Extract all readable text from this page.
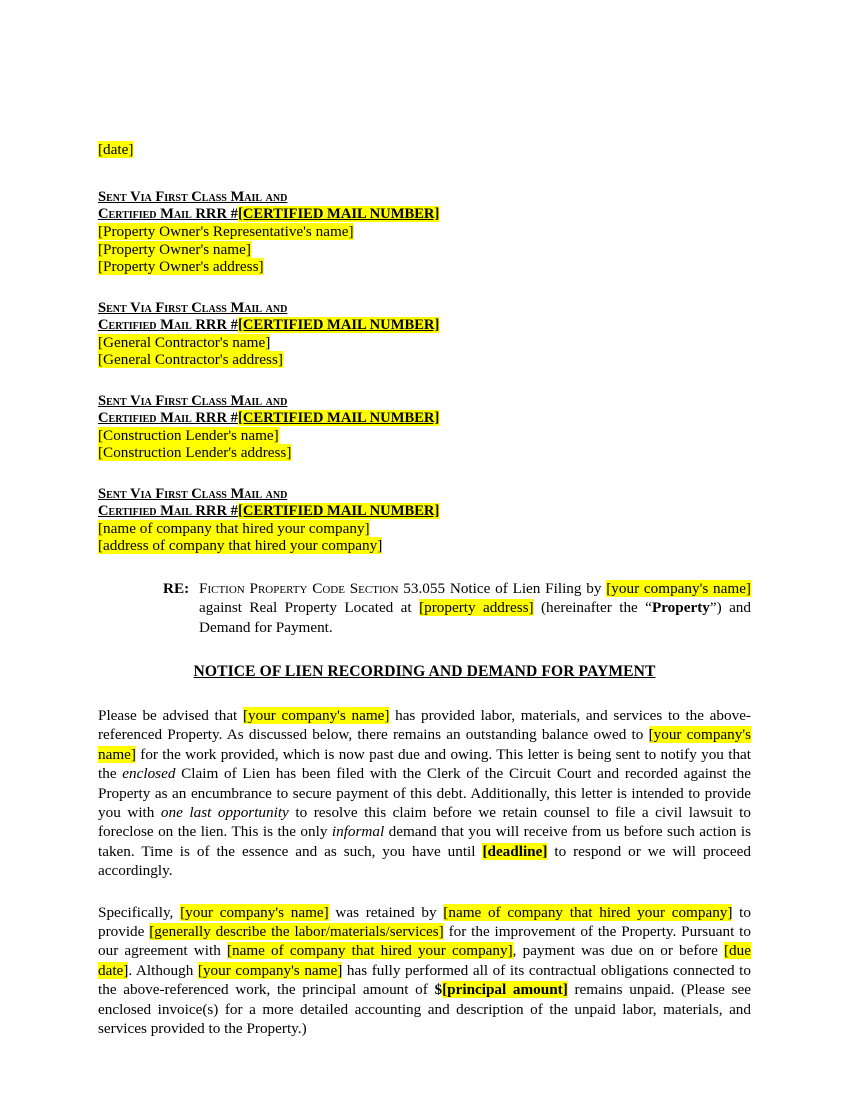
[date]
Sent Via First Class Mail and
Certified Mail RRR #[CERTIFIED MAIL NUMBER]
[Property Owner's Representative's name]
[Property Owner's name]
[Property Owner's address]
Sent Via First Class Mail and
Certified Mail RRR #[CERTIFIED MAIL NUMBER]
[General Contractor's name]
[General Contractor's address]
Sent Via First Class Mail and
Certified Mail RRR #[CERTIFIED MAIL NUMBER]
[Construction Lender's name]
[Construction Lender's address]
Sent Via First Class Mail and
Certified Mail RRR #[CERTIFIED MAIL NUMBER]
[name of company that hired your company]
[address of company that hired your company]
RE: Fiction Property Code Section 53.055 Notice of Lien Filing by [your company's name] against Real Property Located at [property address] (hereinafter the “Property”) and Demand for Payment.
NOTICE OF LIEN RECORDING AND DEMAND FOR PAYMENT

Please be advised that [your company's name] has provided labor, materials, and services to the above-referenced Property. As discussed below, there remains an outstanding balance owed to [your company's name] for the work provided, which is now past due and owing. This letter is being sent to notify you that the enclosed Claim of Lien has been filed with the Clerk of the Circuit Court and recorded against the Property as an encumbrance to secure payment of this debt. Additionally, this letter is intended to provide you with one last opportunity to resolve this claim before we retain counsel to file a civil lawsuit to foreclose on the lien. This is the only informal demand that you will receive from us before such action is taken. Time is of the essence and as such, you have until [deadline] to respond or we will proceed accordingly.

Specifically, [your company's name] was retained by [name of company that hired your company] to provide [generally describe the labor/materials/services] for the improvement of the Property. Pursuant to our agreement with [name of company that hired your company], payment was due on or before [due date]. Although [your company's name] has fully performed all of its contractual obligations connected to the above-referenced work, the principal amount of $[principal amount] remains unpaid. (Please see enclosed invoice(s) for a more detailed accounting and description of the unpaid labor, materials, and services provided to the Property.)
